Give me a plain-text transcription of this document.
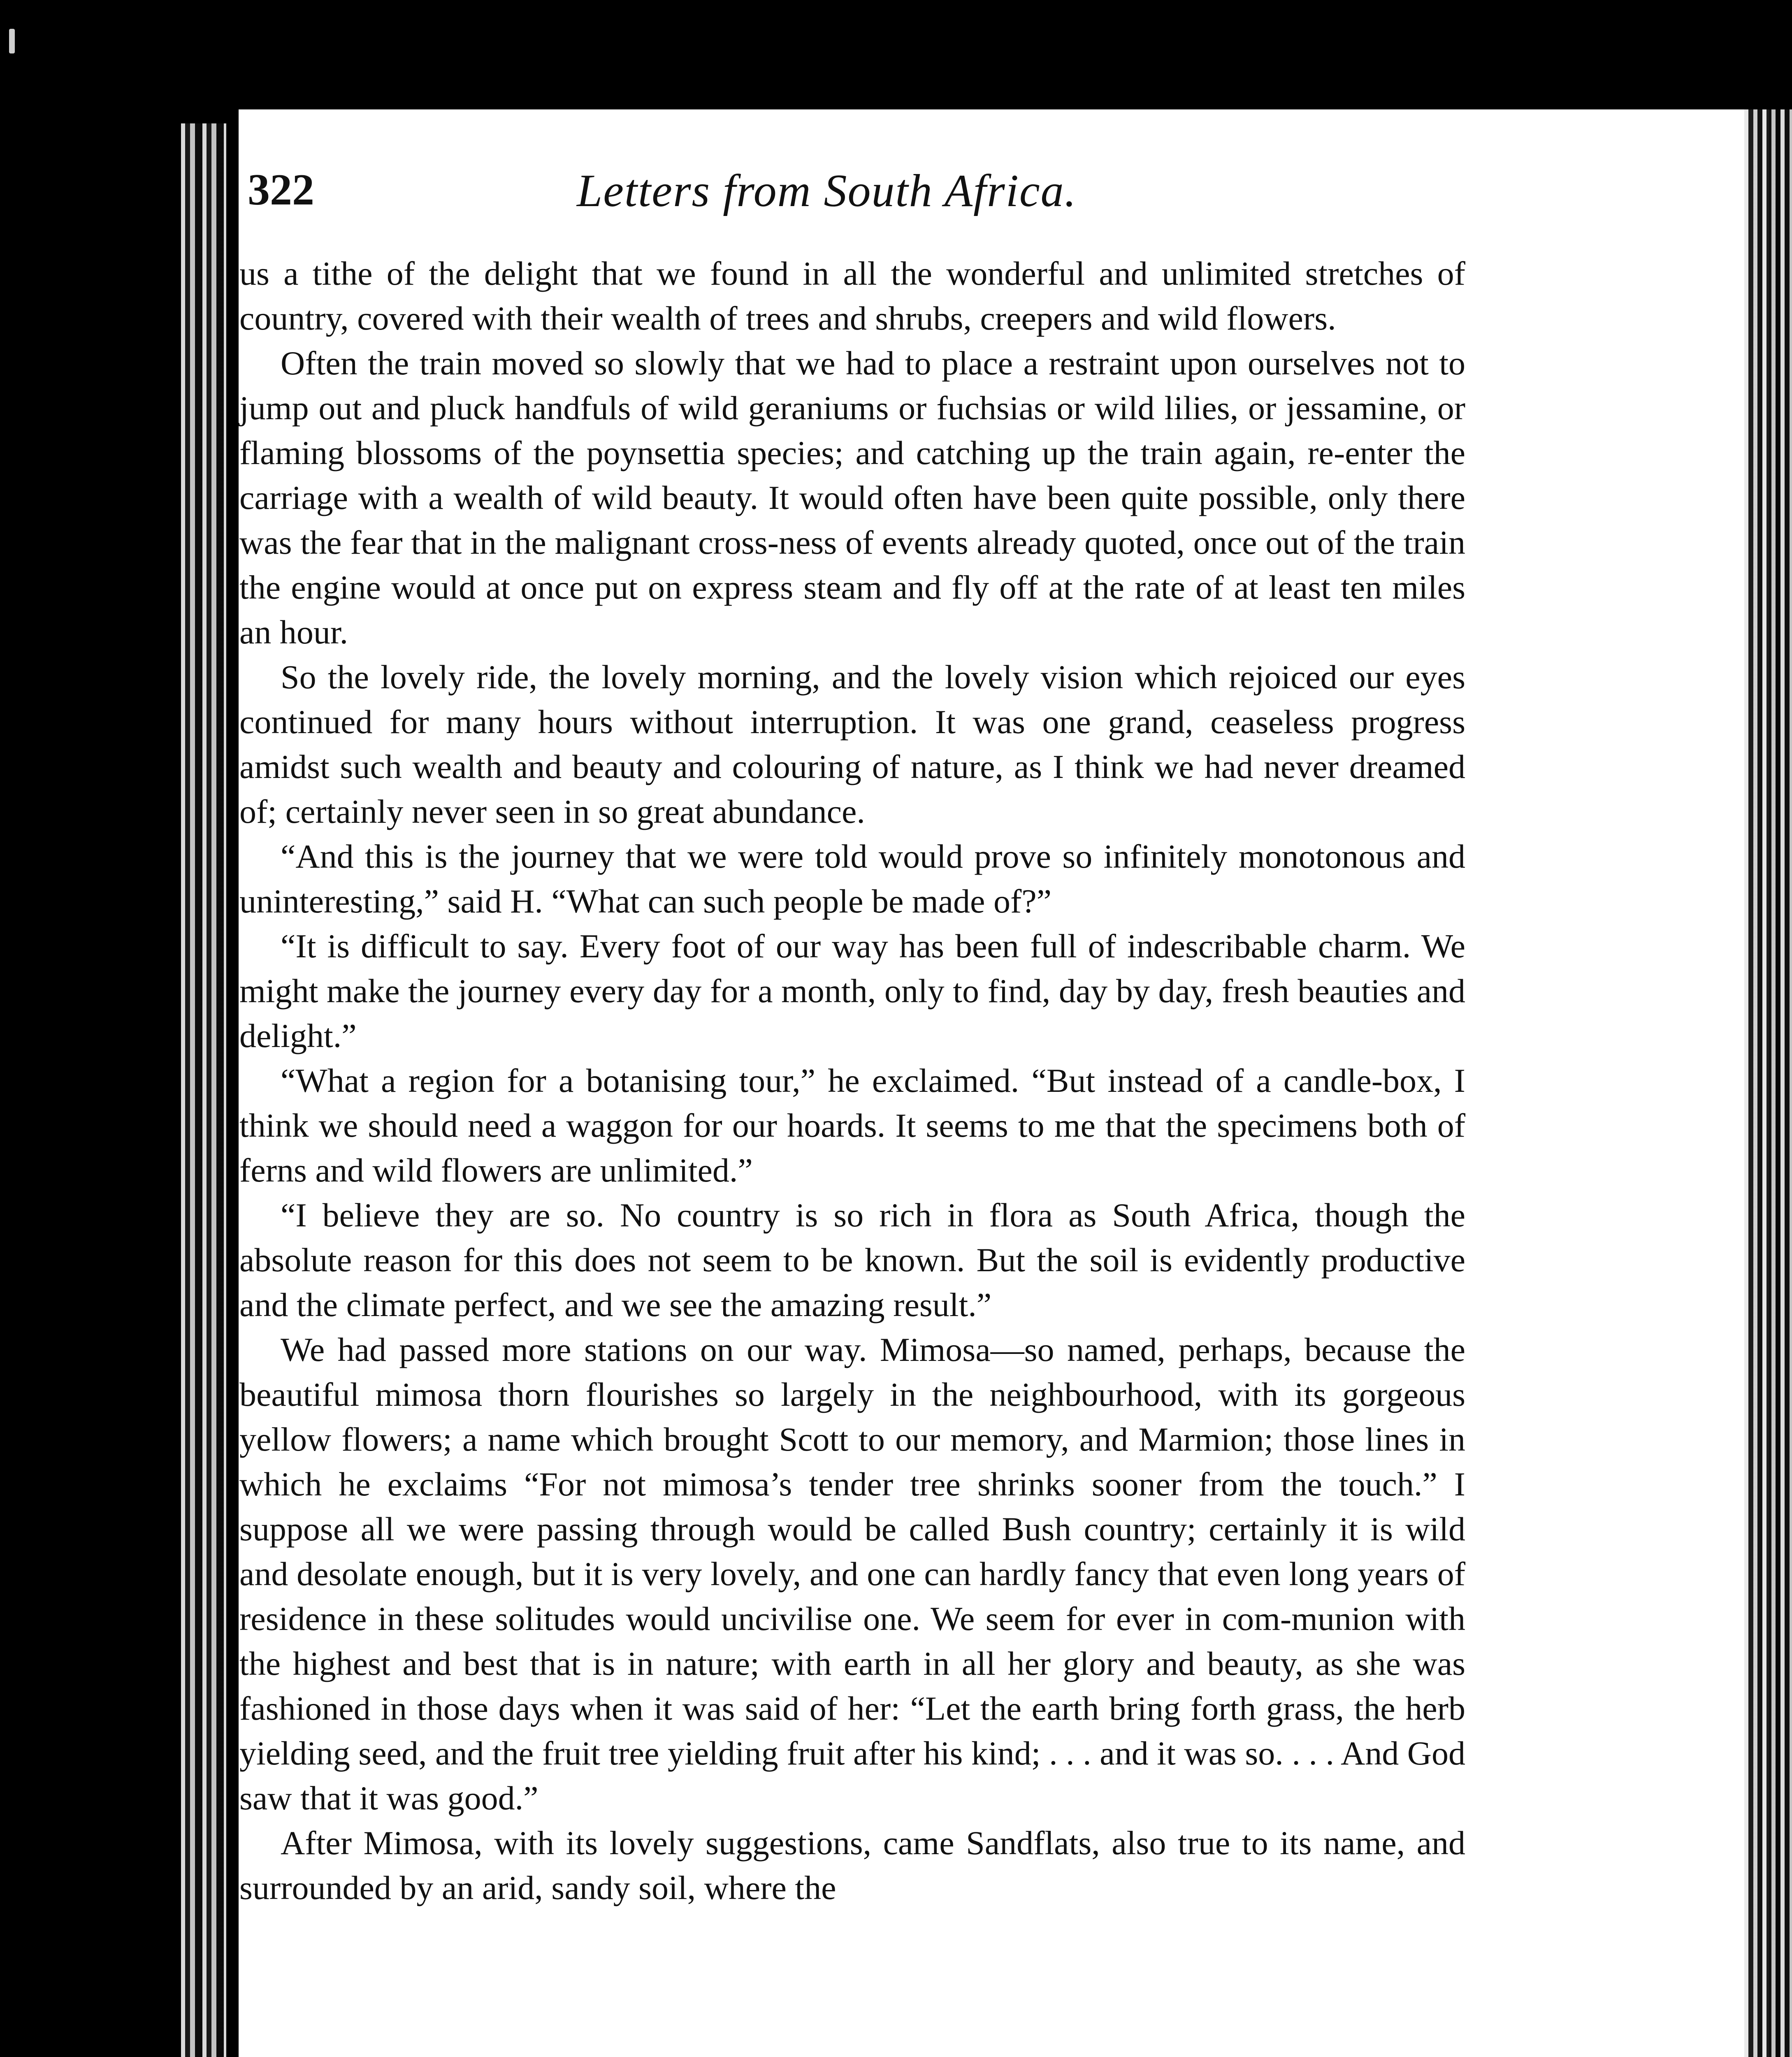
322	Letters from South Africa.

us a tithe of the delight that we found in all the wonderful and unlimited stretches of country, covered with their wealth of trees and shrubs, creepers and wild flowers.

Often the train moved so slowly that we had to place a restraint upon ourselves not to jump out and pluck handfuls of wild geraniums or fuchsias or wild lilies, or jessamine, or flaming blossoms of the poynsettia species; and catching up the train again, re-enter the carriage with a wealth of wild beauty. It would often have been quite possible, only there was the fear that in the malignant cross-ness of events already quoted, once out of the train the engine would at once put on express steam and fly off at the rate of at least ten miles an hour.

So the lovely ride, the lovely morning, and the lovely vision which rejoiced our eyes continued for many hours without interruption. It was one grand, ceaseless progress amidst such wealth and beauty and colouring of nature, as I think we had never dreamed of; certainly never seen in so great abundance.

“And this is the journey that we were told would prove so infinitely monotonous and uninteresting,” said H. “What can such people be made of?”

“It is difficult to say. Every foot of our way has been full of indescribable charm. We might make the journey every day for a month, only to find, day by day, fresh beauties and delight.”

“What a region for a botanising tour,” he exclaimed. “But instead of a candle-box, I think we should need a waggon for our hoards. It seems to me that the specimens both of ferns and wild flowers are unlimited.”

“I believe they are so. No country is so rich in flora as South Africa, though the absolute reason for this does not seem to be known. But the soil is evidently productive and the climate perfect, and we see the amazing result.”

We had passed more stations on our way. Mimosa—so named, perhaps, because the beautiful mimosa thorn flourishes so largely in the neighbourhood, with its gorgeous yellow flowers; a name which brought Scott to our memory, and Marmion; those lines in which he exclaims “For not mimosa’s tender tree shrinks sooner from the touch.” I suppose all we were passing through would be called Bush country; certainly it is wild and desolate enough, but it is very lovely, and one can hardly fancy that even long years of residence in these solitudes would uncivilise one. We seem for ever in com-munion with the highest and best that is in nature; with earth in all her glory and beauty, as she was fashioned in those days when it was said of her: “Let the earth bring forth grass, the herb yielding seed, and the fruit tree yielding fruit after his kind; . . . and it was so. . . . And God saw that it was good.”

After Mimosa, with its lovely suggestions, came Sandflats, also true to its name, and surrounded by an arid, sandy soil, where the
